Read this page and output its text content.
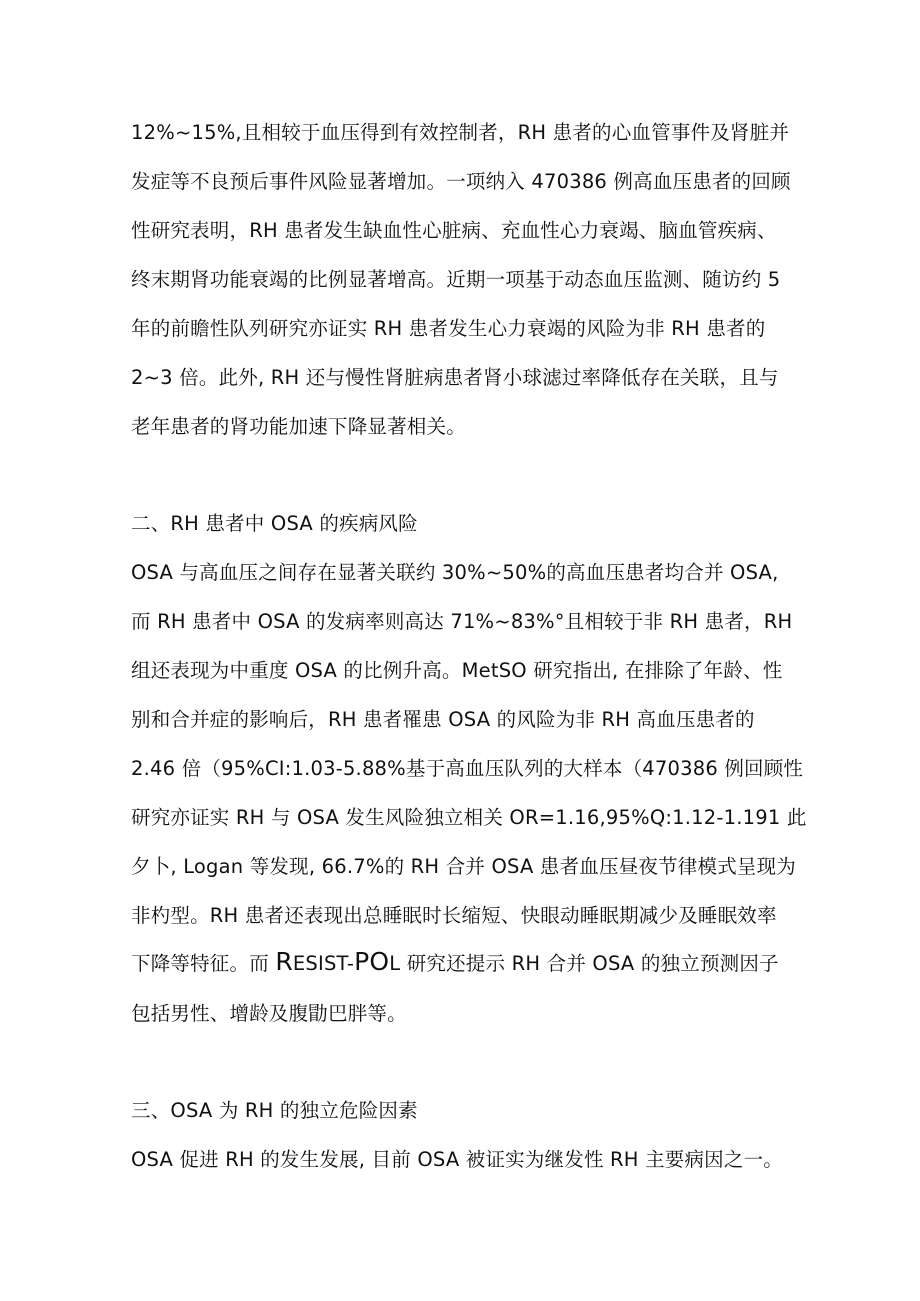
12%~15%,且相较于血压得到有效控制者，RH 患者的心血管事件及肾脏并
发症等不良预后事件风险显著增加。一项纳入 470386 例高血压患者的回顾
性研究表明，RH 患者发生缺血性心脏病、充血性心力衰竭、脑血管疾病、
终末期肾功能衰竭的比例显著增高。近期一项基于动态血压监测、随访约 5
年的前瞻性队列研究亦证实 RH 患者发生心力衰竭的风险为非 RH 患者的
2~3 倍。此外, RH 还与慢性肾脏病患者肾小球滤过率降低存在关联，且与
老年患者的肾功能加速下降显著相关。
二、RH 患者中 OSA 的疾病风险
OSA 与高血压之间存在显著关联约 30%~50%的高血压患者均合并 OSA,
而 RH 患者中 OSA 的发病率则高达 71%~83%°且相较于非 RH 患者，RH
组还表现为中重度 OSA 的比例升高。MetSO 研究指出, 在排除了年龄、性
别和合并症的影响后，RH 患者罹患 OSA 的风险为非 RH 高血压患者的
2.46 倍（95%CI:1.03-5.88%基于高血压队列的大样本（470386 例回顾性
研究亦证实 RH 与 OSA 发生风险独立相关 OR=1.16,95%Q:1.12-1.191 此
夕卜, Logan 等发现, 66.7%的 RH 合并 OSA 患者血压昼夜节律模式呈现为
非杓型。RH 患者还表现出总睡眠时长缩短、快眼动睡眠期减少及睡眠效率
下降等特征。而 RESIST-POL 研究还提示 RH 合并 OSA 的独立预测因子
包括男性、增龄及腹勖巴胖等。
三、OSA 为 RH 的独立危险因素
OSA 促进 RH 的发生发展, 目前 OSA 被证实为继发性 RH 主要病因之一。
